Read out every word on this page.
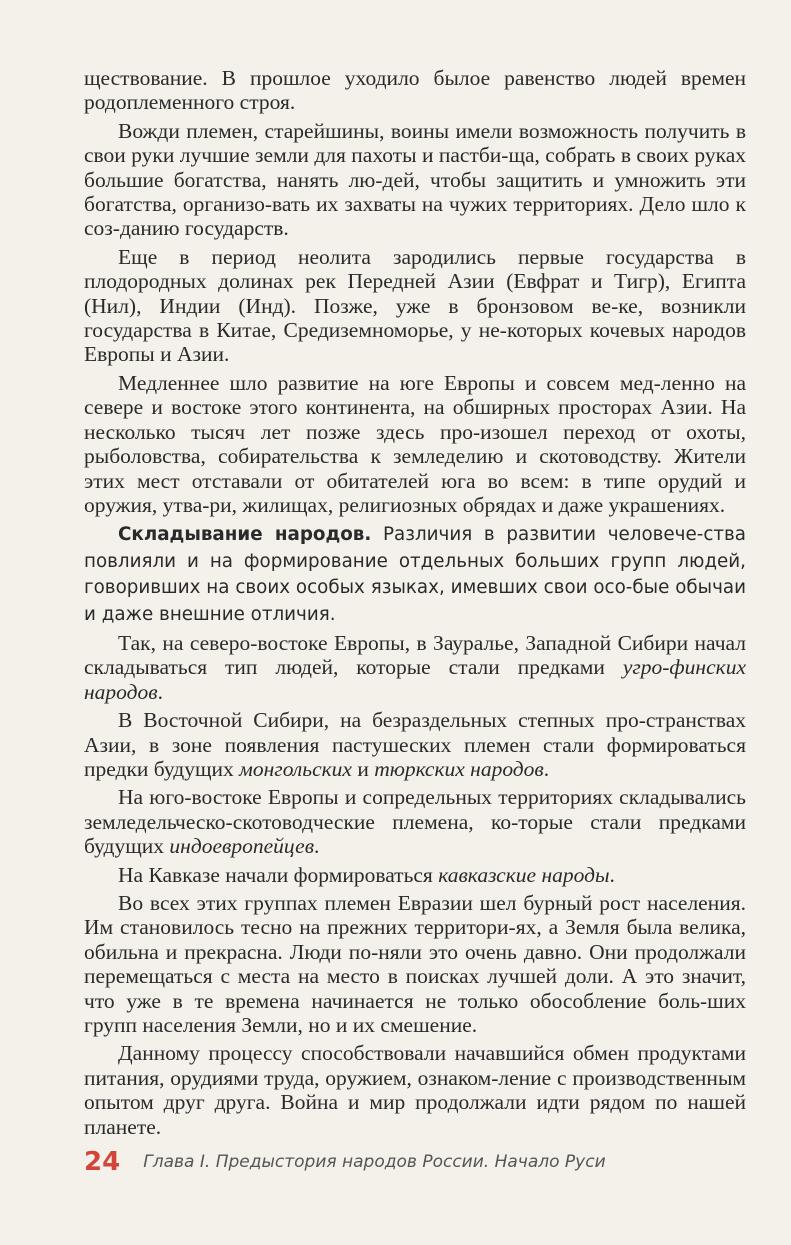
ществование. В прошлое уходило былое равенство людей времен родоплеменного строя.

Вожди племен, старейшины, воины имели возможность получить в свои руки лучшие земли для пахоты и пастби-ща, собрать в своих руках большие богатства, нанять лю-дей, чтобы защитить и умножить эти богатства, организо-вать их захваты на чужих территориях. Дело шло к соз-данию государств.

Еще в период неолита зародились первые государства в плодородных долинах рек Передней Азии (Евфрат и Тигр), Египта (Нил), Индии (Инд). Позже, уже в бронзовом ве-ке, возникли государства в Китае, Средиземноморье, у не-которых кочевых народов Европы и Азии.

Медленнее шло развитие на юге Европы и совсем мед-ленно на севере и востоке этого континента, на обширных просторах Азии. На несколько тысяч лет позже здесь про-изошел переход от охоты, рыболовства, собирательства к земледелию и скотоводству. Жители этих мест отставали от обитателей юга во всем: в типе орудий и оружия, утва-ри, жилищах, религиозных обрядах и даже украшениях.

Складывание народов. Различия в развитии человече-ства повлияли и на формирование отдельных больших групп людей, говоривших на своих особых языках, имевших свои осо-бые обычаи и даже внешние отличия.

Так, на северо-востоке Европы, в Зауралье, Западной Сибири начал складываться тип людей, которые стали предками угро-финских народов.

В Восточной Сибири, на безраздельных степных про-странствах Азии, в зоне появления пастушеских племен стали формироваться предки будущих монгольских и тюркских народов.

На юго-востоке Европы и сопредельных территориях складывались земледельческо-скотоводческие племена, ко-торые стали предками будущих индоевропейцев.

На Кавказе начали формироваться кавказские народы.

Во всех этих группах племен Евразии шел бурный рост населения. Им становилось тесно на прежних территори-ях, а Земля была велика, обильна и прекрасна. Люди по-няли это очень давно. Они продолжали перемещаться с места на место в поисках лучшей доли. А это значит, что уже в те времена начинается не только обособление боль-ших групп населения Земли, но и их смешение.

Данному процессу способствовали начавшийся обмен продуктами питания, орудиями труда, оружием, ознаком-ление с производственным опытом друг друга. Война и мир продолжали идти рядом по нашей планете.

24 Глава I. Предыстория народов России. Начало Руси
